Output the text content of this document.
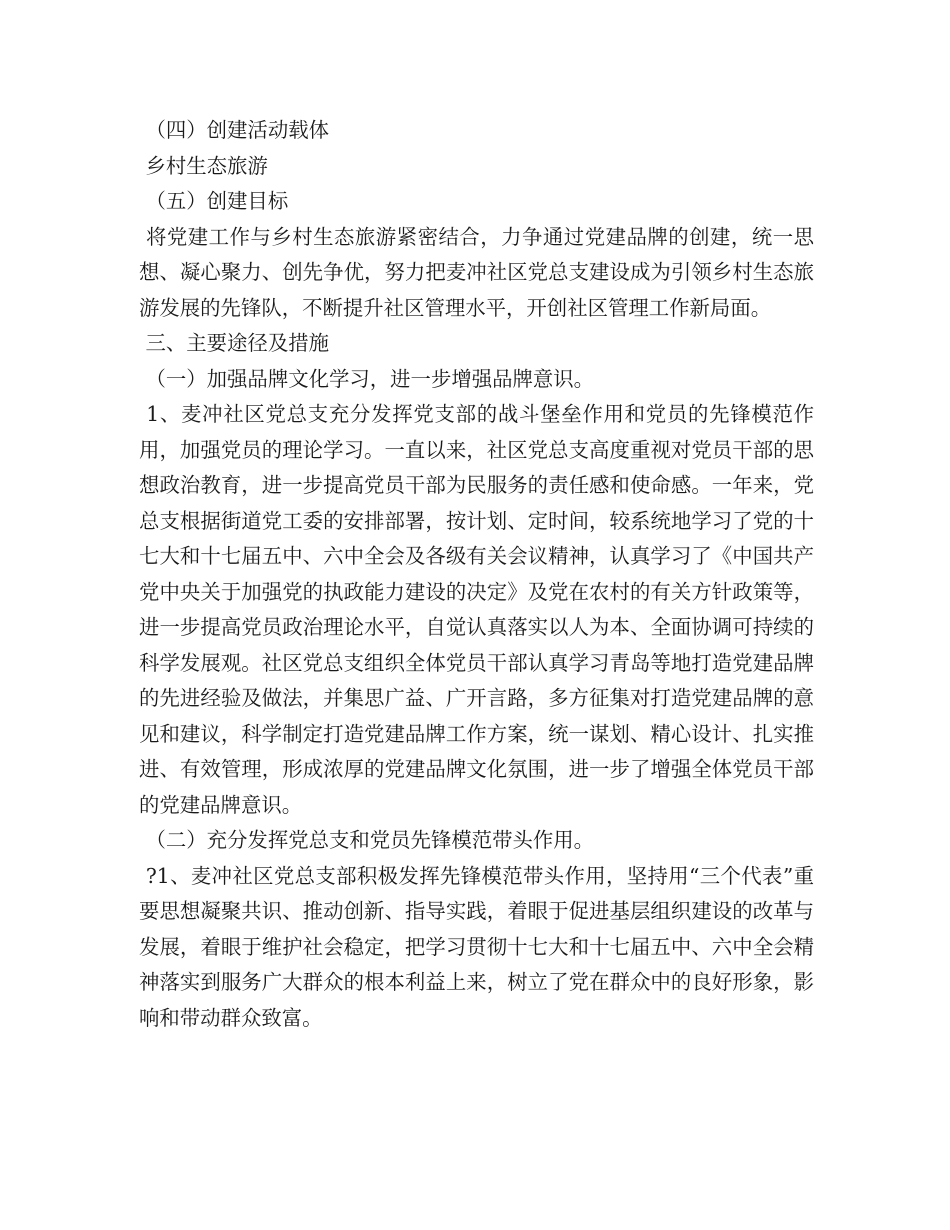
（四）创建活动载体

乡村生态旅游

（五）创建目标

将党建工作与乡村生态旅游紧密结合，力争通过党建品牌的创建，统一思想、凝心聚力、创先争优，努力把麦冲社区党总支建设成为引领乡村生态旅游发展的先锋队，不断提升社区管理水平，开创社区管理工作新局面。

三、主要途径及措施

（一）加强品牌文化学习，进一步增强品牌意识。

1、麦冲社区党总支充分发挥党支部的战斗堡垒作用和党员的先锋模范作用，加强党员的理论学习。一直以来，社区党总支高度重视对党员干部的思想政治教育，进一步提高党员干部为民服务的责任感和使命感。一年来，党总支根据街道党工委的安排部署，按计划、定时间，较系统地学习了党的十七大和十七届五中、六中全会及各级有关会议精神，认真学习了《中国共产党中央关于加强党的执政能力建设的决定》及党在农村的有关方针政策等，进一步提高党员政治理论水平，自觉认真落实以人为本、全面协调可持续的科学发展观。社区党总支组织全体党员干部认真学习青岛等地打造党建品牌的先进经验及做法，并集思广益、广开言路，多方征集对打造党建品牌的意见和建议，科学制定打造党建品牌工作方案，统一谋划、精心设计、扎实推进、有效管理，形成浓厚的党建品牌文化氛围，进一步了增强全体党员干部的党建品牌意识。

（二）充分发挥党总支和党员先锋模范带头作用。

?1、麦冲社区党总支部积极发挥先锋模范带头作用，坚持用“三个代表”重要思想凝聚共识、推动创新、指导实践，着眼于促进基层组织建设的改革与发展，着眼于维护社会稳定，把学习贯彻十七大和十七届五中、六中全会精神落实到服务广大群众的根本利益上来，树立了党在群众中的良好形象，影响和带动群众致富。
